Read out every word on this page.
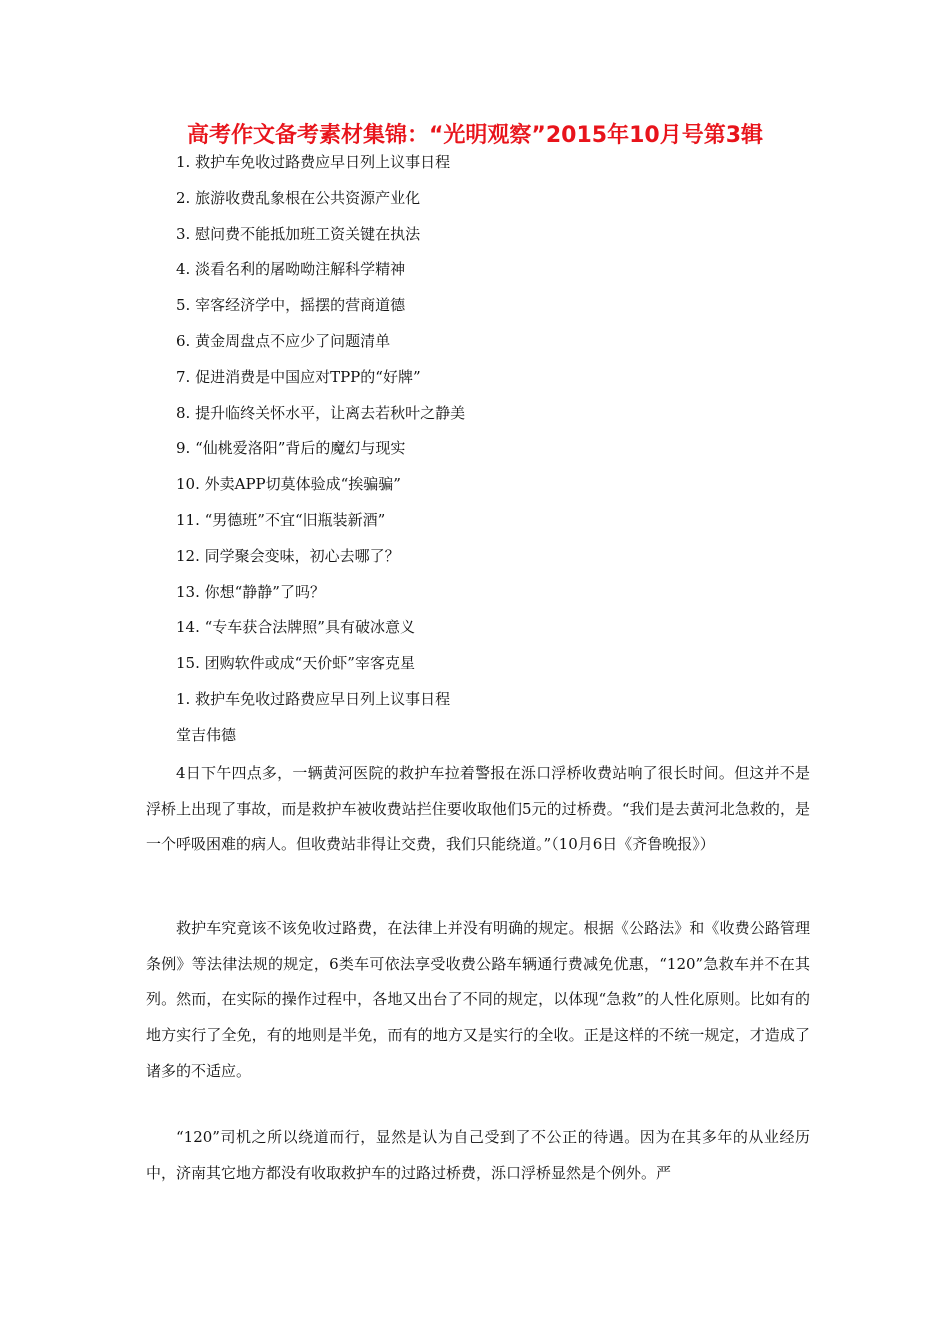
高考作文备考素材集锦：“光明观察”2015年10月号第3辑
1. 救护车免收过路费应早日列上议事日程
2. 旅游收费乱象根在公共资源产业化
3. 慰问费不能抵加班工资关键在执法
4. 淡看名利的屠呦呦注解科学精神
5. 宰客经济学中，摇摆的营商道德
6. 黄金周盘点不应少了问题清单
7. 促进消费是中国应对TPP的“好牌”
8. 提升临终关怀水平，让离去若秋叶之静美
9. “仙桃爱洛阳”背后的魔幻与现实
10. 外卖APP切莫体验成“挨骗骗”
11. “男德班”不宜“旧瓶装新酒”
12. 同学聚会变味，初心去哪了？
13. 你想“静静”了吗？
14. “专车获合法牌照”具有破冰意义
15. 团购软件或成“天价虾”宰客克星
1. 救护车免收过路费应早日列上议事日程
堂吉伟德

4日下午四点多，一辆黄河医院的救护车拉着警报在泺口浮桥收费站响了很长时间。但这并不是浮桥上出现了事故，而是救护车被收费站拦住要收取他们5元的过桥费。“我们是去黄河北急救的，是一个呼吸困难的病人。但收费站非得让交费，我们只能绕道。”（10月6日《齐鲁晚报》）

救护车究竟该不该免收过路费，在法律上并没有明确的规定。根据《公路法》和《收费公路管理条例》等法律法规的规定，6类车可依法享受收费公路车辆通行费减免优惠，“120”急救车并不在其列。然而，在实际的操作过程中，各地又出台了不同的规定，以体现“急救”的人性化原则。比如有的地方实行了全免，有的地则是半免，而有的地方又是实行的全收。正是这样的不统一规定，才造成了诸多的不适应。

“120”司机之所以绕道而行，显然是认为自己受到了不公正的待遇。因为在其多年的从业经历中，济南其它地方都没有收取救护车的过路过桥费，泺口浮桥显然是个例外。严
